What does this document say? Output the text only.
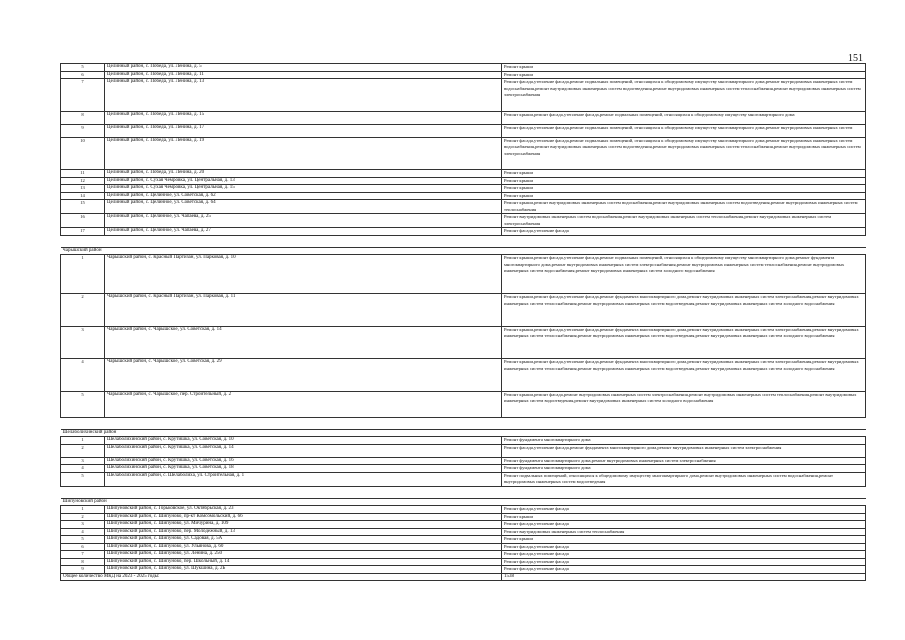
151
5	Целинный район, с. Победа, ул. Ленина, д. 5	Ремонт крыши
6	Целинный район, с. Победа, ул. Ленина, д. 11	Ремонт крыши
7	Целинный район, с. Победа, ул. Ленина, д. 13	Ремонт фасада,утепление фасада,ремонт подвальных помещений, относящихся к общедомовому имуществу многоквартирного дома,ремонт внутридомовых инженерных систем водоснабжения,ремонт внутридомовых инженерных систем водоотведения,ремонт внутридомовых инженерных систем теплоснабжения,ремонт внутридомовых инженерных систем электроснабжения
8	Целинный район, с. Победа, ул. Ленина, д. 15	Ремонт крыши,ремонт фасада,утепление фасада,ремонт подвальных помещений, относящихся к общедомовому имуществу многоквартирного дома
9	Целинный район, с. Победа, ул. Ленина, д. 17	Ремонт фасада,утепление фасада,ремонт подвальных помещений, относящихся к общедомовому имуществу многоквартирного дома,ремонт внутридомовых инженерных систем
10	Целинный район, с. Победа, ул. Ленина, д. 19	Ремонт фасада,утепление фасада,ремонт подвальных помещений, относящихся к общедомовому имуществу многоквартирного дома,ремонт внутридомовых инженерных систем водоснабжения,ремонт внутридомовых инженерных систем водоотведения,ремонт внутридомовых инженерных систем теплоснабжения,ремонт внутридомовых инженерных систем электроснабжения
11	Целинный район, с. Победа, ул. Ленина, д. 20	Ремонт крыши
12	Целинный район, с. Сухая Чемровка, ул. Центральная, д. 13	Ремонт крыши
13	Целинный район, с. Сухая Чемровка, ул. Центральная, д. 15	Ремонт крыши
14	Целинный район, с. Целинное, ул. Советская, д. 62	Ремонт крыши
15	Целинный район, с. Целинное, ул. Советская, д. 64	Ремонт крыши,ремонт внутридомовых инженерных систем водоснабжения,ремонт внутридомовых инженерных систем водоотведения,ремонт внутридомовых инженерных систем теплоснабжения
16	Целинный район, с. Целинное, ул. Чапаева, д. 25	Ремонт внутридомовых инженерных систем водоснабжения,ремонт внутридомовых инженерных систем теплоснабжения,ремонт внутридомовых инженерных систем электроснабжения
17	Целинный район, с. Целинное, ул. Чапаева, д. 27	Ремонт фасада,утепление фасада

Чарышский район		
1	Чарышский район, с. Красный Партизан, ул. Парковая, д. 10	Ремонт крыши,ремонт фасада,утепление фасада,ремонт подвальных помещений, относящихся к общедомовому имуществу многоквартирного дома,ремонт фундамента многоквартирного дома,ремонт внутридомовых инженерных систем электроснабжения,ремонт внутридомовых инженерных систем теплоснабжения,ремонт внутридомовых инженерных систем водоснабжения,ремонт внутридомовых инженерных систем холодного водоснабжения
2	Чарышский район, с. Красный Партизан, ул. Парковая, д. 11	Ремонт крыши,ремонт фасада,утепление фасада,ремонт фундамента многоквартирного дома,ремонт внутридомовых инженерных систем электроснабжения,ремонт внутридомовых инженерных систем теплоснабжения,ремонт внутридомовых инженерных систем водоотведения,ремонт внутридомовых инженерных систем холодного водоснабжения
3	Чарышский район, с. Чарышское, ул. Советская, д. 14	Ремонт крыши,ремонт фасада,утепление фасада,ремонт фундамента многоквартирного дома,ремонт внутридомовых инженерных систем электроснабжения,ремонт внутридомовых инженерных систем теплоснабжения,ремонт внутридомовых инженерных систем водоотведения,ремонт внутридомовых инженерных систем холодного водоснабжения
4	Чарышский район, с. Чарышское, ул. Советская, д. 29	Ремонт крыши,ремонт фасада,утепление фасада,ремонт фундамента многоквартирного дома,ремонт внутридомовых инженерных систем электроснабжения,ремонт внутридомовых инженерных систем теплоснабжения,ремонт внутридомовых инженерных систем водоотведения,ремонт внутридомовых инженерных систем холодного водоснабжения
5	Чарышский район, с. Чарышское, пер. Строительный, д. 2	Ремонт крыши,ремонт фасада,ремонт внутридомовых инженерных систем электроснабжения,ремонт внутридомовых инженерных систем теплоснабжения,ремонт внутридомовых инженерных систем водоотведения,ремонт внутридомовых инженерных систем холодного водоснабжения

Шелаболихинский район		
1	Шелаболихинский район, с. Крутишка, ул. Советская, д. 10	Ремонт фундамента многоквартирного дома
2	Шелаболихинский район, с. Крутишка, ул. Советская, д. 14	Ремонт фасада,утепление фасада,ремонт фундамента многоквартирного дома,ремонт внутридомовых инженерных систем электроснабжения
3	Шелаболихинский район, с. Крутишка, ул. Советская, д. 16	Ремонт фундамента многоквартирного дома,ремонт внутридомовых инженерных систем электроснабжения
4	Шелаболихинский район, с. Крутишка, ул. Советская, д. 18	Ремонт фундамента многоквартирного дома
5	Шелаболихинский район, с. Шелаболиха, ул. Строительная, д. 1	Ремонт подвальных помещений, относящихся к общедомовому имуществу многоквартирного дома,ремонт внутридомовых инженерных систем водоснабжения,ремонт внутридомовых инженерных систем водоотведения

Шипуновский район		
1	Шипуновский район, с. Горьковское, ул. Октябрьская, д. 23	Ремонт фасада,утепление фасада
2	Шипуновский район, с. Шипуново, пр-кт Комсомольский, д. 66	Ремонт крыши
3	Шипуновский район, с. Шипуново, ул. Мичурина, д. 109	Ремонт фасада,утепление фасада
4	Шипуновский район, с. Шипуново, пер. Молодежный, д. 13	Ремонт внутридомовых инженерных систем теплоснабжения
5	Шипуновский район, с. Шипуново, ул. Садовая, д. 5А	Ремонт крыши
6	Шипуновский район, с. Шипуново, ул. Ульянова, д. 60	Ремонт фасада,утепление фасада
7	Шипуновский район, с. Шипуново, ул. Ленина, д. 250	Ремонт фасада,утепление фасада
8	Шипуновский район, с. Шипуново, пер. Школьный, д. 14	Ремонт фасада,утепление фасада
9	Шипуновский район, с. Шипуново, ул. Шукшина, д. 2Б	Ремонт фасада,утепление фасада
Общее количество МКД на 2023 - 2025 годы:		1538
